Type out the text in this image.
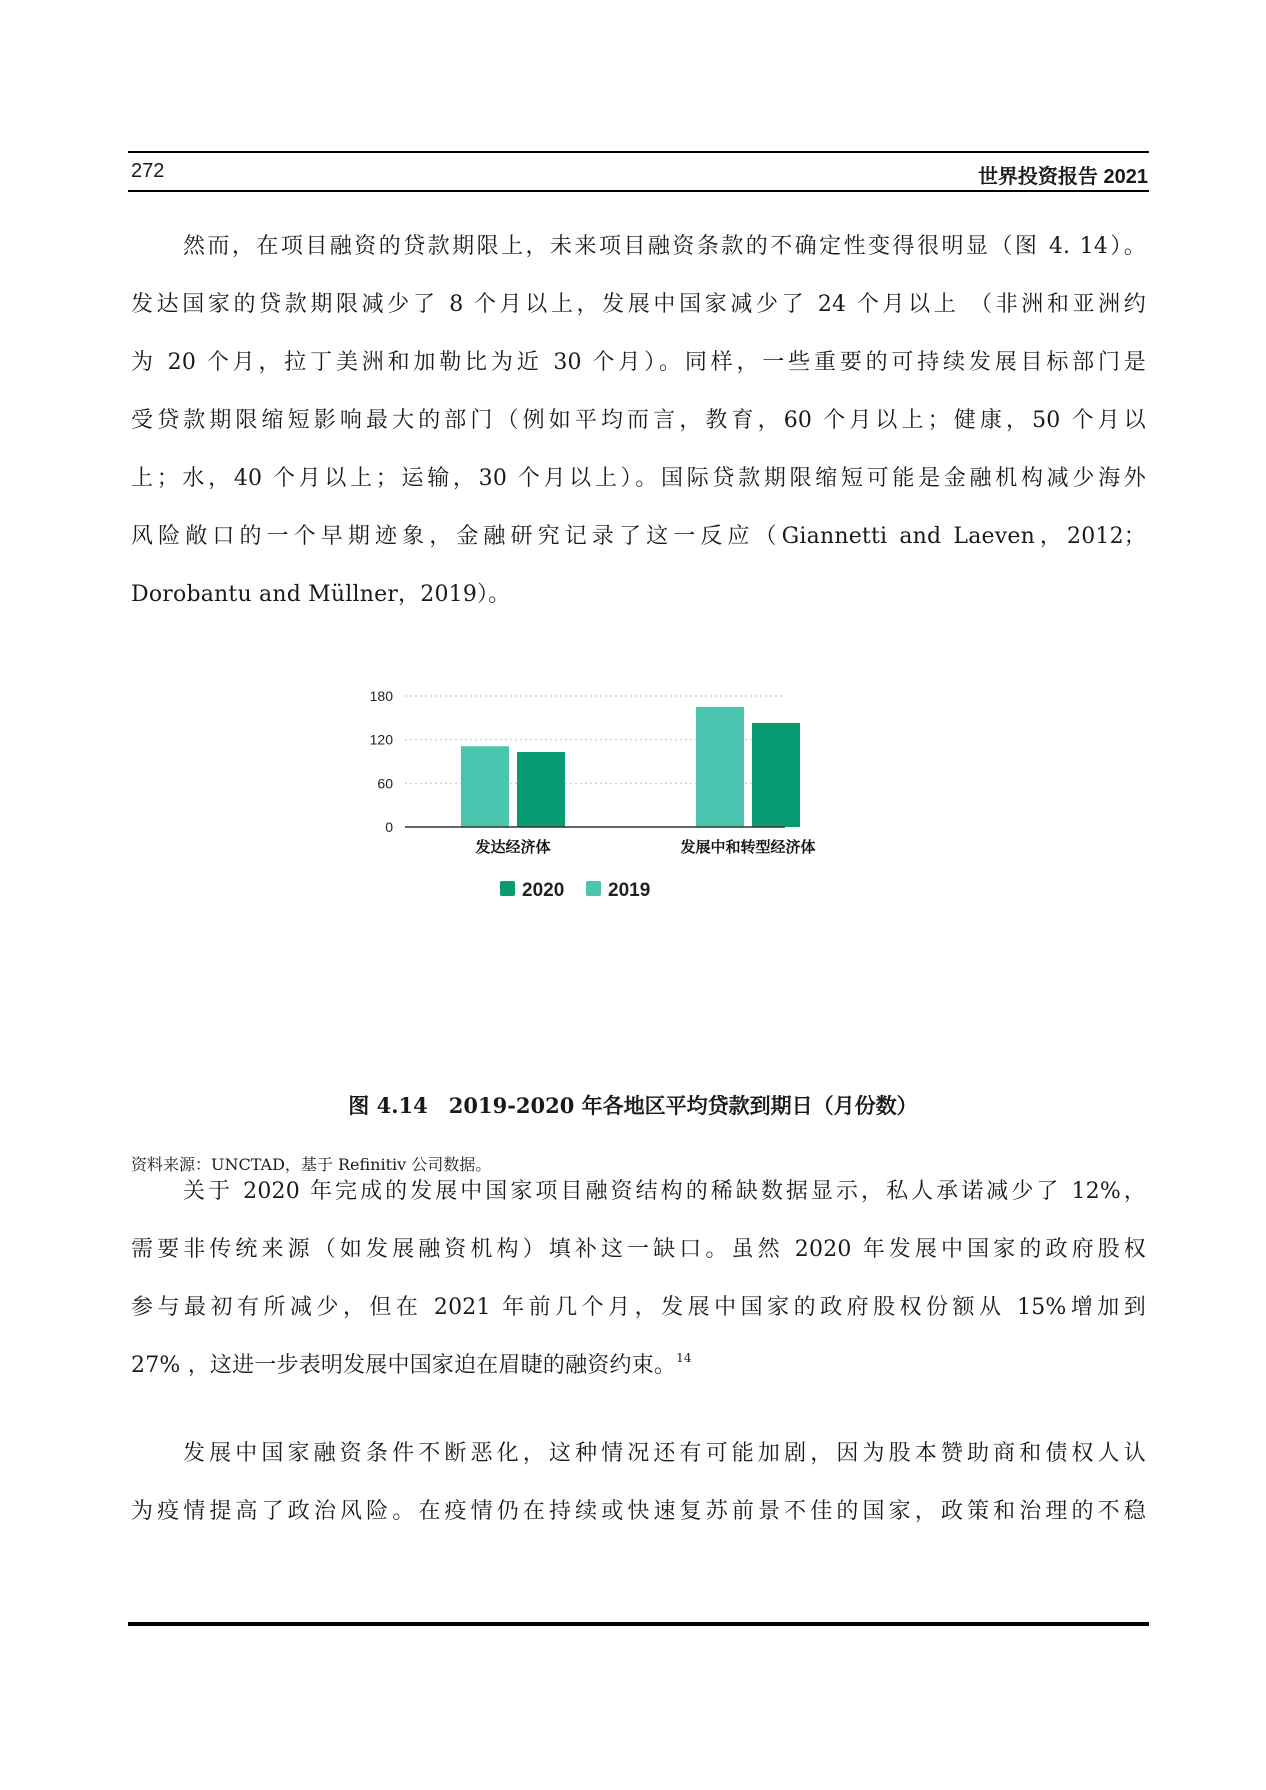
272	世界投资报告 2021
然而，在项目融资的贷款期限上，未来项目融资条款的不确定性变得很明显（图 4. 14）。
发达国家的贷款期限减少了 8 个月以上，发展中国家减少了 24 个月以上 （非洲和亚洲约
为 20 个月，拉丁美洲和加勒比为近 30 个月）。同样，一些重要的可持续发展目标部门是
受贷款期限缩短影响最大的部门（例如平均而言，教育，60 个月以上；健康，50 个月以
上；水，40 个月以上；运输，30 个月以上）。国际贷款期限缩短可能是金融机构减少海外
风险敞口的一个早期迹象，金融研究记录了这一反应（Giannetti and Laeven，2012；
Dorobantu and Müllner，2019）。
0
60
120
180
发达经济体	发展中和转型经济体
2020 2019
图 4.14　2019-2020 年各地区平均贷款到期日（月份数）
资料来源：UNCTAD，基于 Refinitiv 公司数据。
关于 2020 年完成的发展中国家项目融资结构的稀缺数据显示，私人承诺减少了 12%，
需要非传统来源（如发展融资机构）填补这一缺口。虽然 2020 年发展中国家的政府股权
参与最初有所减少，但在 2021 年前几个月，发展中国家的政府股权份额从 15%增加到
27% ，这进一步表明发展中国家迫在眉睫的融资约束。$^{14}$
发展中国家融资条件不断恶化，这种情况还有可能加剧，因为股本赞助商和债权人认
为疫情提高了政治风险。在疫情仍在持续或快速复苏前景不佳的国家，政策和治理的不稳
